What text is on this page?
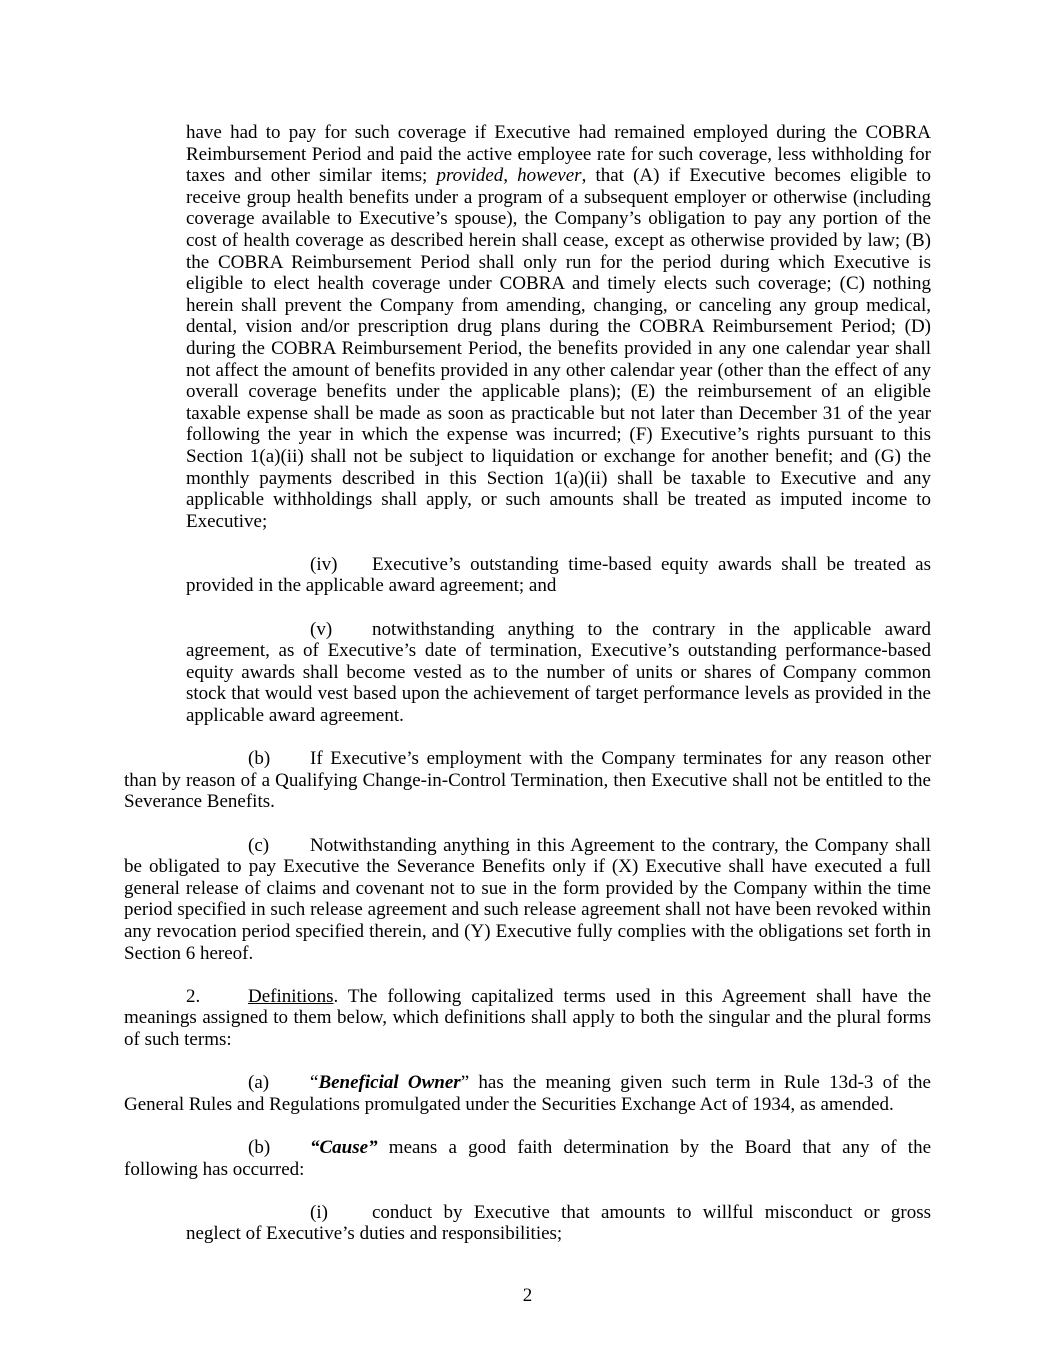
have had to pay for such coverage if Executive had remained employed during the COBRA Reimbursement Period and paid the active employee rate for such coverage, less withholding for taxes and other similar items; provided, however, that (A) if Executive becomes eligible to receive group health benefits under a program of a subsequent employer or otherwise (including coverage available to Executive’s spouse), the Company’s obligation to pay any portion of the cost of health coverage as described herein shall cease, except as otherwise provided by law; (B) the COBRA Reimbursement Period shall only run for the period during which Executive is eligible to elect health coverage under COBRA and timely elects such coverage; (C) nothing herein shall prevent the Company from amending, changing, or canceling any group medical, dental, vision and/or prescription drug plans during the COBRA Reimbursement Period; (D) during the COBRA Reimbursement Period, the benefits provided in any one calendar year shall not affect the amount of benefits provided in any other calendar year (other than the effect of any overall coverage benefits under the applicable plans); (E) the reimbursement of an eligible taxable expense shall be made as soon as practicable but not later than December 31 of the year following the year in which the expense was incurred; (F) Executive’s rights pursuant to this Section 1(a)(ii) shall not be subject to liquidation or exchange for another benefit; and (G) the monthly payments described in this Section 1(a)(ii) shall be taxable to Executive and any applicable withholdings shall apply, or such amounts shall be treated as imputed income to Executive;

(iv) Executive’s outstanding time-based equity awards shall be treated as provided in the applicable award agreement; and

(v) notwithstanding anything to the contrary in the applicable award agreement, as of Executive’s date of termination, Executive’s outstanding performance-based equity awards shall become vested as to the number of units or shares of Company common stock that would vest based upon the achievement of target performance levels as provided in the applicable award agreement.

(b) If Executive’s employment with the Company terminates for any reason other than by reason of a Qualifying Change-in-Control Termination, then Executive shall not be entitled to the Severance Benefits.

(c) Notwithstanding anything in this Agreement to the contrary, the Company shall be obligated to pay Executive the Severance Benefits only if (X) Executive shall have executed a full general release of claims and covenant not to sue in the form provided by the Company within the time period specified in such release agreement and such release agreement shall not have been revoked within any revocation period specified therein, and (Y) Executive fully complies with the obligations set forth in Section 6 hereof.

2.	Definitions. The following capitalized terms used in this Agreement shall have the meanings assigned to them below, which definitions shall apply to both the singular and the plural forms of such terms:

(a) “Beneficial Owner” has the meaning given such term in Rule 13d-3 of the General Rules and Regulations promulgated under the Securities Exchange Act of 1934, as amended.

(b) “Cause” means a good faith determination by the Board that any of the following has occurred:

(i) conduct by Executive that amounts to willful misconduct or gross neglect of Executive’s duties and responsibilities;

2
